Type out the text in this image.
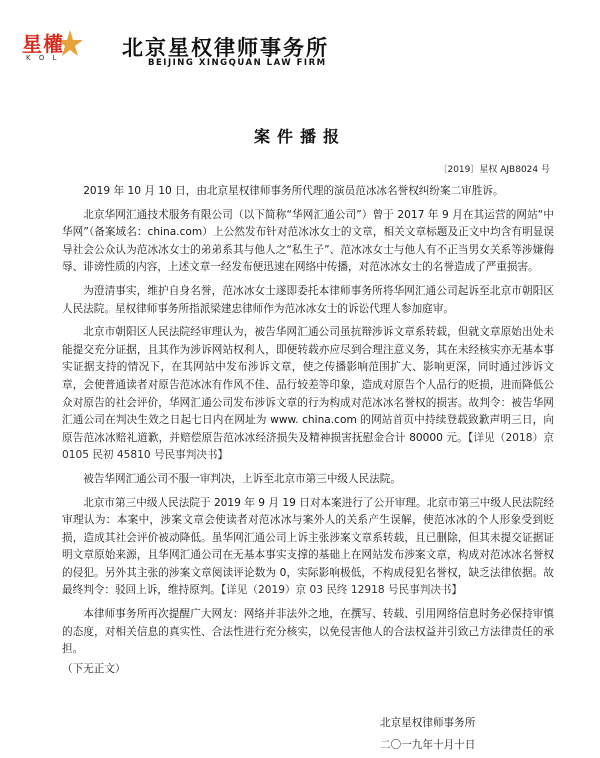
星權
K O L	北京星权律师事务所
BEIJING XINGQUAN LAW FIRM
案件播报
〔2019〕星权 AJB8024 号

2019 年 10 月 10 日，由北京星权律师事务所代理的演员范冰冰名誉权纠纷案二审胜诉。

北京华网汇通技术服务有限公司（以下简称“华网汇通公司”）曾于 2017 年 9 月在其运营的网站“中华网”（备案域名：china.com）上公然发布针对范冰冰女士的文章，相关文章标题及正文中均含有明显误导社会公众认为范冰冰女士的弟弟系其与他人之“私生子”、范冰冰女士与他人有不正当男女关系等涉嫌侮辱、诽谤性质的内容，上述文章一经发布便迅速在网络中传播，对范冰冰女士的名誉造成了严重损害。

为澄清事实，维护自身名誉，范冰冰女士遂即委托本律师事务所将华网汇通公司起诉至北京市朝阳区人民法院。星权律师事务所指派梁建忠律师作为范冰冰女士的诉讼代理人参加庭审。

北京市朝阳区人民法院经审理认为，被告华网汇通公司虽抗辩涉诉文章系转载，但就文章原始出处未能提交充分证据，且其作为涉诉网站权利人，即便转载亦应尽到合理注意义务，其在未经核实亦无基本事实证据支持的情况下，在其网站中发布涉诉文章，使之传播影响范围扩大、影响更深，同时通过涉诉文章，会使普通读者对原告范冰冰有作风不佳、品行较差等印象，造成对原告个人品行的贬损，进而降低公众对原告的社会评价，华网汇通公司发布涉诉文章的行为构成对范冰冰名誉权的损害。故判令：被告华网汇通公司在判决生效之日起七日内在网址为 www. china.com 的网站首页中持续登载致歉声明三日，向原告范冰冰赔礼道歉，并赔偿原告范冰冰经济损失及精神损害抚慰金合计 80000 元。【详见（2018）京 0105 民初 45810 号民事判决书】

被告华网汇通公司不服一审判决，上诉至北京市第三中级人民法院。

北京市第三中级人民法院于 2019 年 9 月 19 日对本案进行了公开审理。北京市第三中级人民法院经审理认为：本案中，涉案文章会使读者对范冰冰与案外人的关系产生误解，使范冰冰的个人形象受到贬损，造成其社会评价被动降低。虽华网汇通公司上诉主张涉案文章系转载，且已删除，但其未提交证据证明文章原始来源，且华网汇通公司在无基本事实支撑的基础上在网站发布涉案文章，构成对范冰冰名誉权的侵犯。另外其主张的涉案文章阅读评论数为 0，实际影响极低，不构成侵犯名誉权，缺乏法律依据。故最终判令：驳回上诉，维持原判。【详见（2019）京 03 民终 12918 号民事判决书】

本律师事务所再次提醒广大网友：网络并非法外之地，在撰写、转载、引用网络信息时务必保持审慎的态度，对相关信息的真实性、合法性进行充分核实，以免侵害他人的合法权益并引致己方法律责任的承担。

（下无正文）

北京星权律师事务所
二〇一九年十月十日
